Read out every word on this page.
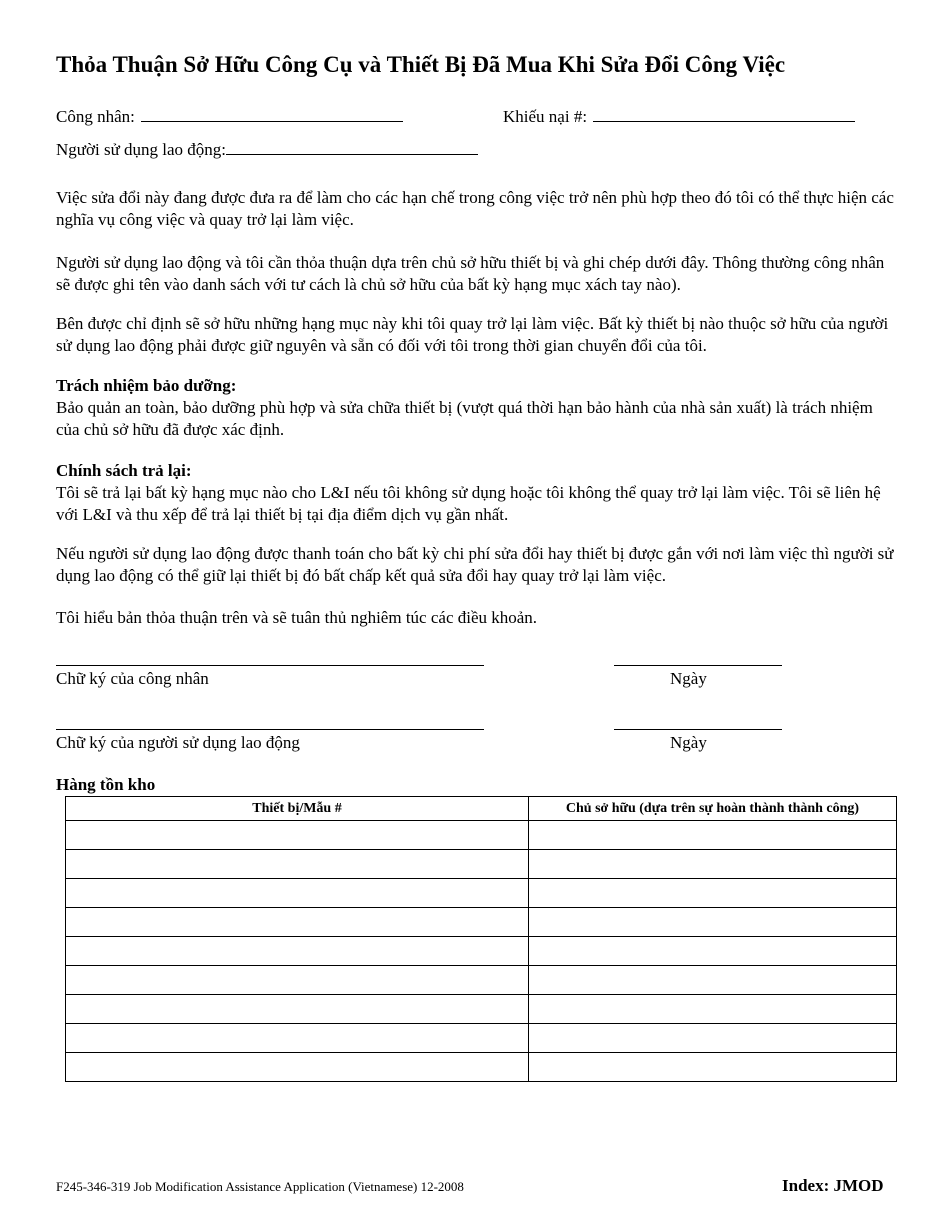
Thỏa Thuận Sở Hữu Công Cụ và Thiết Bị Đã Mua Khi Sửa Đổi Công Việc
Công nhân:	Khiếu nại #:
Người sử dụng lao động:
Việc sửa đổi này đang được đưa ra để làm cho các hạn chế trong công việc trở nên phù hợp theo đó tôi có thể thực hiện các nghĩa vụ công việc và quay trở lại làm việc.
Người sử dụng lao động và tôi cần thỏa thuận dựa trên chủ sở hữu thiết bị và ghi chép dưới đây. Thông thường công nhân sẽ được ghi tên vào danh sách với tư cách là chủ sở hữu của bất kỳ hạng mục xách tay nào).
Bên được chỉ định sẽ sở hữu những hạng mục này khi tôi quay trở lại làm việc. Bất kỳ thiết bị nào thuộc sở hữu của người sử dụng lao động phải được giữ nguyên và sẵn có đối với tôi trong thời gian chuyển đổi của tôi.
Trách nhiệm bảo dưỡng:
Bảo quản an toàn, bảo dưỡng phù hợp và sửa chữa thiết bị (vượt quá thời hạn bảo hành của nhà sản xuất) là trách nhiệm của chủ sở hữu đã được xác định.
Chính sách trả lại:
Tôi sẽ trả lại bất kỳ hạng mục nào cho L&I nếu tôi không sử dụng hoặc tôi không thể quay trở lại làm việc. Tôi sẽ liên hệ với L&I và thu xếp để trả lại thiết bị tại địa điểm dịch vụ gần nhất.
Nếu người sử dụng lao động được thanh toán cho bất kỳ chi phí sửa đổi hay thiết bị được gắn với nơi làm việc thì người sử dụng lao động có thể giữ lại thiết bị đó bất chấp kết quả sửa đổi hay quay trở lại làm việc.
Tôi hiểu bản thỏa thuận trên và sẽ tuân thủ nghiêm túc các điều khoản.
Chữ ký của công nhân	Ngày
Chữ ký của người sử dụng lao động	Ngày
Hàng tồn kho
Thiết bị/Mẫu #	Chủ sở hữu (dựa trên sự hoàn thành thành công)

F245-346-319 Job Modification Assistance Application (Vietnamese) 12-2008	Index: JMOD
